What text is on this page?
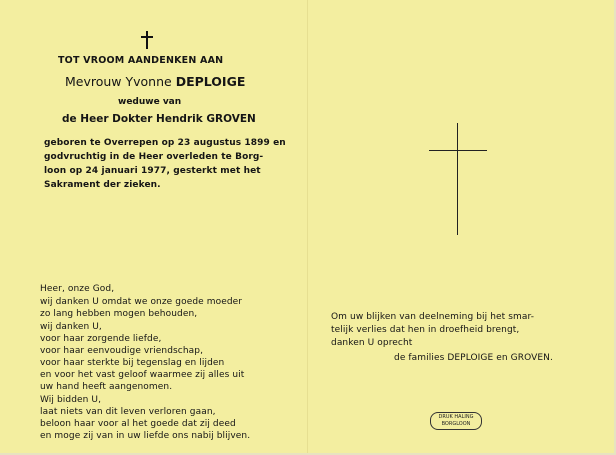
TOT VROOM AANDENKEN AAN
Mevrouw Yvonne DEPLOIGE
weduwe van
de Heer Dokter Hendrik GROVEN
geboren te Overrepen op 23 augustus 1899 en
godvruchtig in de Heer overleden te Borg-
loon op 24 januari 1977, gesterkt met het
Sakrament der zieken.
Heer, onze God,
wij danken U omdat we onze goede moeder
zo lang hebben mogen behouden,
wij danken U,
voor haar zorgende liefde,
voor haar eenvoudige vriendschap,
voor haar sterkte bij tegenslag en lijden
en voor het vast geloof waarmee zij alles uit
uw hand heeft aangenomen.
Wij bidden U,
laat niets van dit leven verloren gaan,
beloon haar voor al het goede dat zij deed
en moge zij van in uw liefde ons nabij blijven.
Om uw blijken van deelneming bij het smar-
telijk verlies dat hen in droefheid brengt,
danken U oprecht
de families DEPLOIGE en GROVEN.
DRUK HALING
BORGLOON
